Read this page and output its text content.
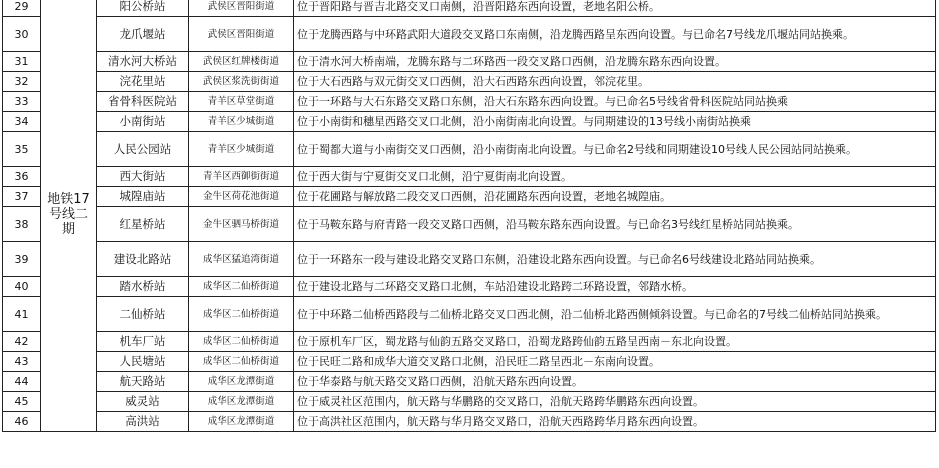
29	地铁17号线二期	阳公桥站	武侯区晋阳街道	位于晋阳路与晋吉北路交叉口南侧，沿晋阳路东西向设置，老地名阳公桥。
30		龙爪堰站	武侯区晋阳街道	位于龙腾西路与中环路武阳大道段交叉路口东南侧，沿龙腾西路呈东西向设置。与已命名7号线龙爪堰站同站换乘。
31		清水河大桥站	武侯区红牌楼街道	位于清水河大桥南端，龙腾东路与二环路西一段交叉路口西侧，沿龙腾东路东西向设置。
32		浣花里站	武侯区浆洗街街道	位于大石西路与双元街交叉口西侧，沿大石西路东西向设置，邻浣花里。
33		省骨科医院站	青羊区草堂街道	位于一环路与大石东路交叉路口东侧，沿大石东路东西向设置。与已命名5号线省骨科医院站同站换乘
34		小南街站	青羊区少城街道	位于小南街和穗星西路交叉口北侧，沿小南街南北向设置。与同期建设的13号线小南街站换乘
35		人民公园站	青羊区少城街道	位于蜀都大道与小南街交叉口西侧，沿小南街南北向设置。与已命名2号线和同期建设10号线人民公园站同站换乘。
36		西大街站	青羊区西御街街道	位于西大街与宁夏街交叉口北侧，沿宁夏街南北向设置。
37		城隍庙站	金牛区荷花池街道	位于花圃路与解放路二段交叉口西侧，沿花圃路东西向设置，老地名城隍庙。
38		红星桥站	金牛区驷马桥街道	位于马鞍东路与府青路一段交叉路口西侧，沿马鞍东路东西向设置。与已命名3号线红星桥站同站换乘。
39		建设北路站	成华区猛追湾街道	位于一环路东一段与建设北路交叉路口东侧，沿建设北路东西向设置。与已命名6号线建设北路站同站换乘。
40		踏水桥站	成华区二仙桥街道	位于建设北路与二环路交叉路口北侧，车站沿建设北路跨二环路设置，邻踏水桥。
41		二仙桥站	成华区二仙桥街道	位于中环路二仙桥西路段与二仙桥北路交叉口西北侧，沿二仙桥北路西侧倾斜设置。与已命名的7号线二仙桥站同站换乘。
42		机车厂站	成华区二仙桥街道	位于原机车厂区，蜀龙路与仙韵五路交叉路口，沿蜀龙路跨仙韵五路呈西南－东北向设置。
43		人民塘站	成华区二仙桥街道	位于民旺二路和成华大道交叉路口北侧，沿民旺二路呈西北－东南向设置。
44		航天路站	成华区龙潭街道	位于华泰路与航天路交叉路口西侧，沿航天路东西向设置。
45		威灵站	成华区龙潭街道	位于威灵社区范围内，航天路与华鹏路的交叉路口，沿航天路跨华鹏路东西向设置。
46		高洪站	成华区龙潭街道	位于高洪社区范围内，航天路与华月路交叉路口，沿航天西路跨华月路东西向设置。
